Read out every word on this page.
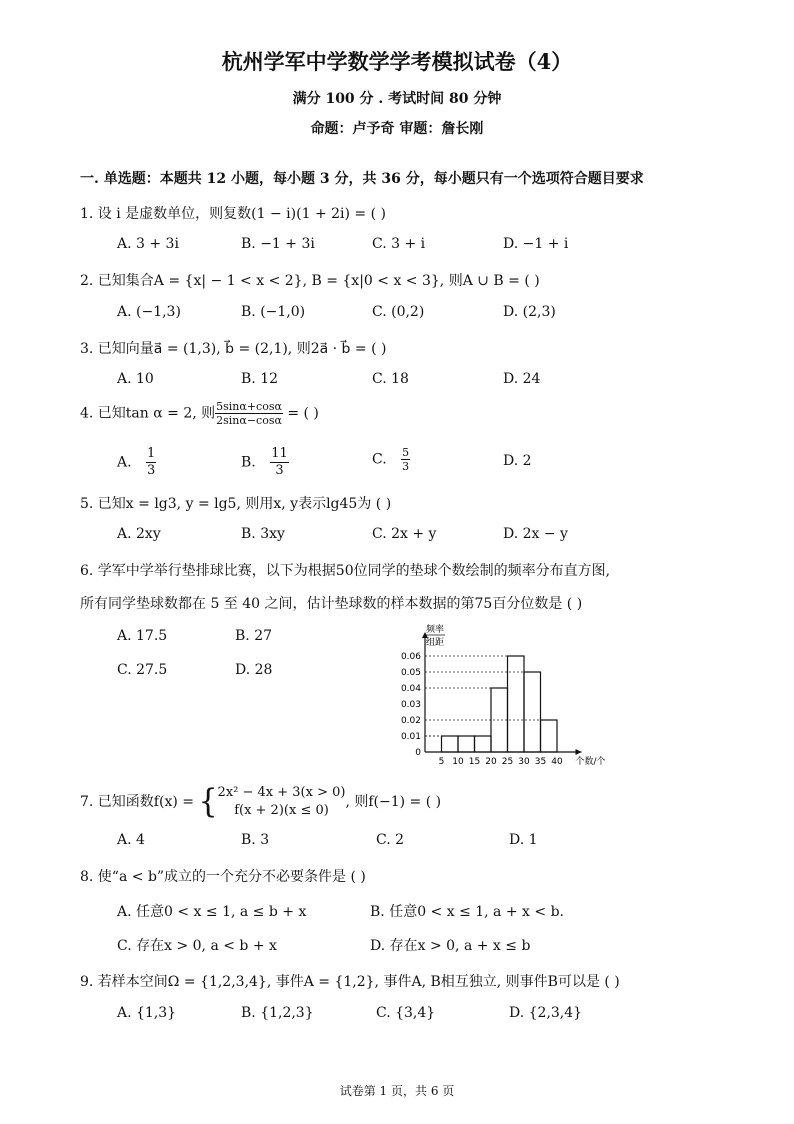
杭州学军中学数学学考模拟试卷（4）
满分 100 分 . 考试时间 80 分钟
命题：卢予奇 审题：詹长刚
一. 单选题：本题共 12 小题，每小题 3 分，共 36 分，每小题只有一个选项符合题目要求
1. 设 i 是虚数单位，则复数(1 − i)(1 + 2i) = ( )
A. 3 + 3i	B. −1 + 3i	C. 3 + i	D. −1 + i
2. 已知集合A = {x| − 1 < x < 2}, B = {x|0 < x < 3}, 则A ∪ B = ( )
A. (−1,3)	B. (−1,0)	C. (0,2)	D. (2,3)
3. 已知向量a⃗ = (1,3), b⃗ = (2,1), 则2a⃗ · b⃗ = ( )
A. 10	B. 12	C. 18	D. 24
4. 已知tan α = 2, 则 $\frac{5\sin\alpha+\cos\alpha}{2\sin\alpha-\cos\alpha}$ = ( )
A. $\frac{1}{3}$	B. $\frac{11}{3}$	C. $\frac{5}{3}$	D. 2
5. 已知x = lg3, y = lg5, 则用x, y表示lg45为 ( )
A. 2xy	B. 3xy	C. 2x + y	D. 2x − y
6. 学军中学举行垫排球比赛，以下为根据50位同学的垫球个数绘制的频率分布直方图,
所有同学垫球数都在 5 至 40 之间，估计垫球数的样本数据的第75百分位数是 ( )
A. 17.5	B. 27
C. 27.5	D. 28
0.01
0.02
0.03
0.04
0.05
0.06
0
5 10 15 20 25 30 35 40 个数/个
频率
组距
7. 已知函数f(x) = { 2x² − 4x + 3(x > 0)
f(x + 2)(x ≤ 0)
, 则f(−1) = ( )
A. 4	B. 3	C. 2	D. 1
8. 使“a < b”成立的一个充分不必要条件是 ( )
A. 任意0 < x ≤ 1, a ≤ b + x	B. 任意0 < x ≤ 1, a + x < b.
C. 存在x > 0, a < b + x	D. 存在x > 0, a + x ≤ b
9. 若样本空间Ω = {1,2,3,4}, 事件A = {1,2}, 事件A, B相互独立, 则事件B可以是 ( )
A. {1,3}	B. {1,2,3}	C. {3,4}	D. {2,3,4}
试卷第 1 页，共 6 页
